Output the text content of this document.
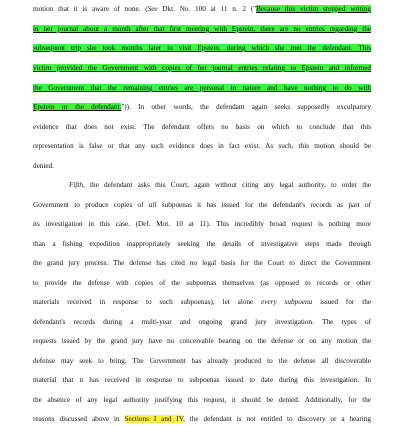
motion that it is aware of none. (See Dkt. No. 100 at 11 n. 2 ("Because this victim stopped writing
in her journal about a month after that first meeting with Epstein, there are no entries regarding the
subsequent trip she took months later to visit Epstein, during which she met the defendant. This
victim provided the Government with copies of her journal entries relating to Epstein and informed
the Government that the remaining entries are personal in nature and have nothing to do with
Epstein or the defendant.")). In other words, the defendant again seeks supposedly exculpatory
evidence that does not exist. The defendant offers no basis on which to conclude that this
representation is false or that any such evidence does in fact exist. As such, this motion should be
denied.
Fifth, the defendant asks this Court, again without citing any legal authority, to order the
Government to produce copies of all subpoenas it has issued for the defendant's records as part of
its investigation in this case. (Def. Mot. 10 at 11). This incredibly broad request is nothing more
than a fishing expedition inappropriately seeking the details of investigative steps made through
the grand jury process. The defense has cited no legal basis for the Court to direct the Government
to provide the defense with copies of the subpoenas themselves (as opposed to records or other
materials received in response to such subpoenas), let alone every subpoena issued for the
defendant's records during a multi-year and ongoing grand jury investigation. The types of
requests issued by the grand jury have no conceivable bearing on the defense or on any motion the
defense may seek to bring. The Government has already produced to the defense all discoverable
material that it has received in response to subpoenas issued to date during this investigation. In
the absence of any legal authority justifying this request, it should be denied. Additionally, for the
reasons discussed above in Sections I and IV, the defendant is not entitled to discovery or a hearing
